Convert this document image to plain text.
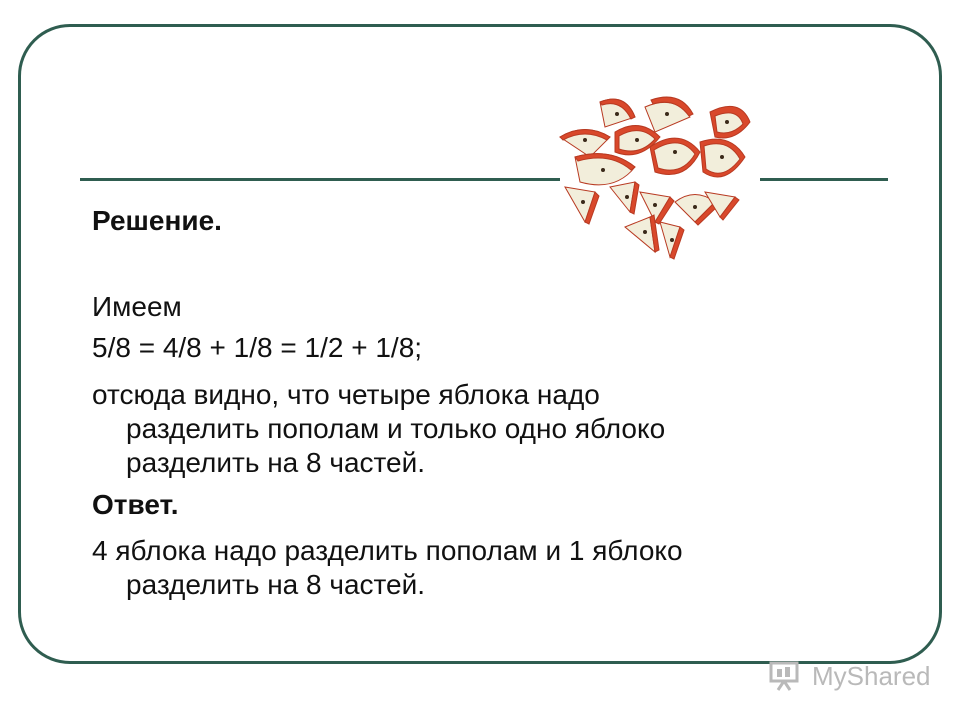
Решение.
Имеем
5/8 = 4/8 + 1/8 = 1/2 + 1/8;
отсюда видно, что четыре яблока надо
разделить пополам и только одно яблоко
разделить на 8 частей.
Ответ.
4 яблока надо разделить пополам и 1 яблоко
разделить на 8 частей.
MyShared
